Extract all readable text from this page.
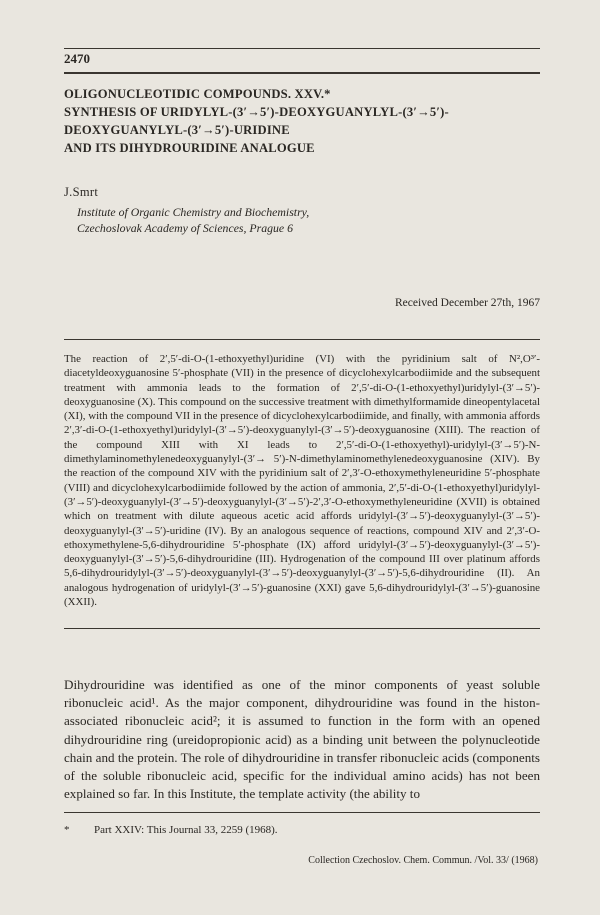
2470
OLIGONUCLEOTIDIC COMPOUNDS. XXV.*
SYNTHESIS OF URIDYLYL-(3′→5′)-DEOXYGUANYLYL-(3′→5′)-
DEOXYGUANYLYL-(3′→5′)-URIDINE
AND ITS DIHYDROURIDINE ANALOGUE
J.Smrt
Institute of Organic Chemistry and Biochemistry,
Czechoslovak Academy of Sciences, Prague 6
Received December 27th, 1967
The reaction of 2′,5′-di-O-(1-ethoxyethyl)uridine (VI) with the pyridinium salt of N²,O³′-diacetyldeoxyguanosine 5′-phosphate (VII) in the presence of dicyclohexylcarbodiimide and the subsequent treatment with ammonia leads to the formation of 2′,5′-di-O-(1-ethoxyethyl)uridylyl-(3′→5′)-deoxyguanosine (X). This compound on the successive treatment with dimethylformamide dineopentylacetal (XI), with the compound VII in the presence of dicyclohexylcarbodiimide, and finally, with ammonia affords 2′,3′-di-O-(1-ethoxyethyl)uridylyl-(3′→5′)-deoxyguanylyl-(3′→5′)-deoxyguanosine (XIII). The reaction of the compound XIII with XI leads to 2′,5′-di-O-(1-ethoxyethyl)-uridylyl-(3′→5′)-N-dimethylaminomethylenedeoxyguanylyl-(3′→ 5′)-N-dimethylaminomethylenedeoxyguanosine (XIV). By the reaction of the compound XIV with the pyridinium salt of 2′,3′-O-ethoxymethyleneuridine 5′-phosphate (VIII) and dicyclohexylcarbodiimide followed by the action of ammonia, 2′,5′-di-O-(1-ethoxyethyl)uridylyl-(3′→5′)-deoxyguanylyl-(3′→5′)-deoxyguanylyl-(3′→5′)-2′,3′-O-ethoxymethyleneuridine (XVII) is obtained which on treatment with dilute aqueous acetic acid affords uridylyl-(3′→5′)-deoxyguanylyl-(3′→5′)-deoxyguanylyl-(3′→5′)-uridine (IV). By an analogous sequence of reactions, compound XIV and 2′,3′-O-ethoxymethylene-5,6-dihydrouridine 5′-phosphate (IX) afford uridylyl-(3′→5′)-deoxyguanylyl-(3′→5′)-deoxyguanylyl-(3′→5′)-5,6-dihydrouridine (III). Hydrogenation of the compound III over platinum affords 5,6-dihydrouridylyl-(3′→5′)-deoxyguanylyl-(3′→5′)-deoxyguanylyl-(3′→5′)-5,6-dihydrouridine (II). An analogous hydrogenation of uridylyl-(3′→5′)-guanosine (XXI) gave 5,6-dihydrouridylyl-(3′→5′)-guanosine (XXII).
Dihydrouridine was identified as one of the minor components of yeast soluble ribonucleic acid¹. As the major component, dihydrouridine was found in the histon-associated ribonucleic acid²; it is assumed to function in the form with an opened dihydrouridine ring (ureidopropionic acid) as a binding unit between the polynucleotide chain and the protein. The role of dihydrouridine in transfer ribonucleic acids (components of the soluble ribonucleic acid, specific for the individual amino acids) has not been explained so far. In this Institute, the template activity (the ability to
* Part XXIV: This Journal 33, 2259 (1968).
Collection Czechoslov. Chem. Commun. /Vol. 33/ (1968)
